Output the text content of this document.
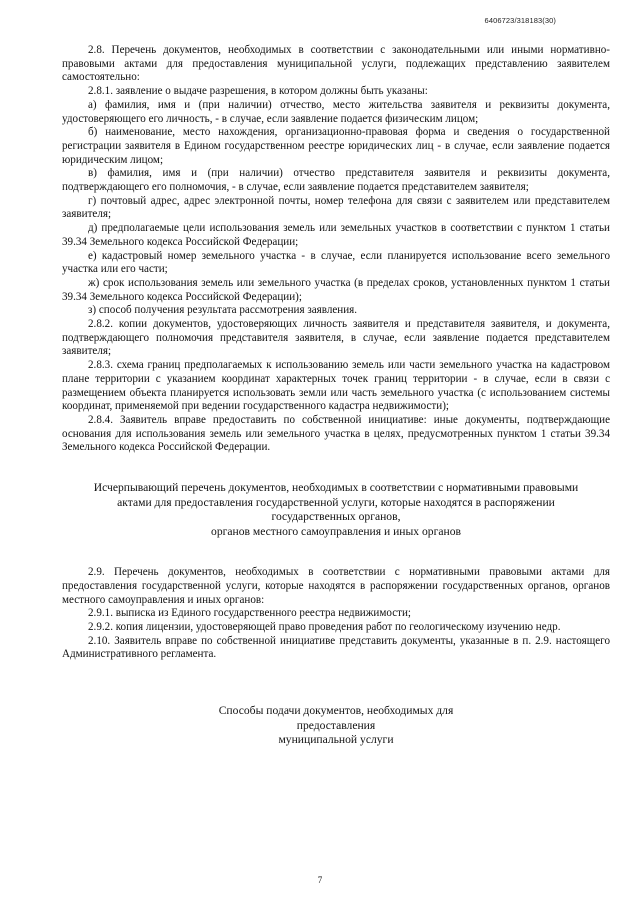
6406723/318183(30)

2.8. Перечень документов, необходимых в соответствии с законодательными или иными нормативно-правовыми актами для предоставления муниципальной услуги, подлежащих представлению заявителем самостоятельно:

2.8.1. заявление о выдаче разрешения, в котором должны быть указаны:

а) фамилия, имя и (при наличии) отчество, место жительства заявителя и реквизиты документа, удостоверяющего его личность, - в случае, если заявление подается физическим лицом;

б) наименование, место нахождения, организационно-правовая форма и сведения о государственной регистрации заявителя в Едином государственном реестре юридических лиц - в случае, если заявление подается юридическим лицом;

в) фамилия, имя и (при наличии) отчество представителя заявителя и реквизиты документа, подтверждающего его полномочия, - в случае, если заявление подается представителем заявителя;

г) почтовый адрес, адрес электронной почты, номер телефона для связи с заявителем или представителем заявителя;

д) предполагаемые цели использования земель или земельных участков в соответствии с пунктом 1 статьи 39.34 Земельного кодекса Российской Федерации;

е) кадастровый номер земельного участка - в случае, если планируется использование всего земельного участка или его части;

ж) срок использования земель или земельного участка (в пределах сроков, установленных пунктом 1 статьи 39.34 Земельного кодекса Российской Федерации);

з) способ получения результата рассмотрения заявления.

2.8.2. копии документов, удостоверяющих личность заявителя и представителя заявителя, и документа, подтверждающего полномочия представителя заявителя, в случае, если заявление подается представителем заявителя;

2.8.3. схема границ предполагаемых к использованию земель или части земельного участка на кадастровом плане территории с указанием координат характерных точек границ территории - в случае, если в связи с размещением объекта планируется использовать земли или часть земельного участка (с использованием системы координат, применяемой при ведении государственного кадастра недвижимости);

2.8.4. Заявитель вправе предоставить по собственной инициативе: иные документы, подтверждающие основания для использования земель или земельного участка в целях, предусмотренных пунктом 1 статьи 39.34 Земельного кодекса Российской Федерации.

Исчерпывающий перечень документов, необходимых в соответствии с нормативными правовыми
актами для предоставления государственной услуги, которые находятся в распоряжении
государственных органов,
органов местного самоуправления и иных органов

2.9. Перечень документов, необходимых в соответствии с нормативными правовыми актами для предоставления государственной услуги, которые находятся в распоряжении государственных органов, органов местного самоуправления и иных органов:

2.9.1. выписка из Единого государственного реестра недвижимости;

2.9.2. копия лицензии, удостоверяющей право проведения работ по геологическому изучению недр.

2.10. Заявитель вправе по собственной инициативе представить документы, указанные в п. 2.9. настоящего Административного регламента.

Способы подачи документов, необходимых для предоставления
муниципальной услуги

7
